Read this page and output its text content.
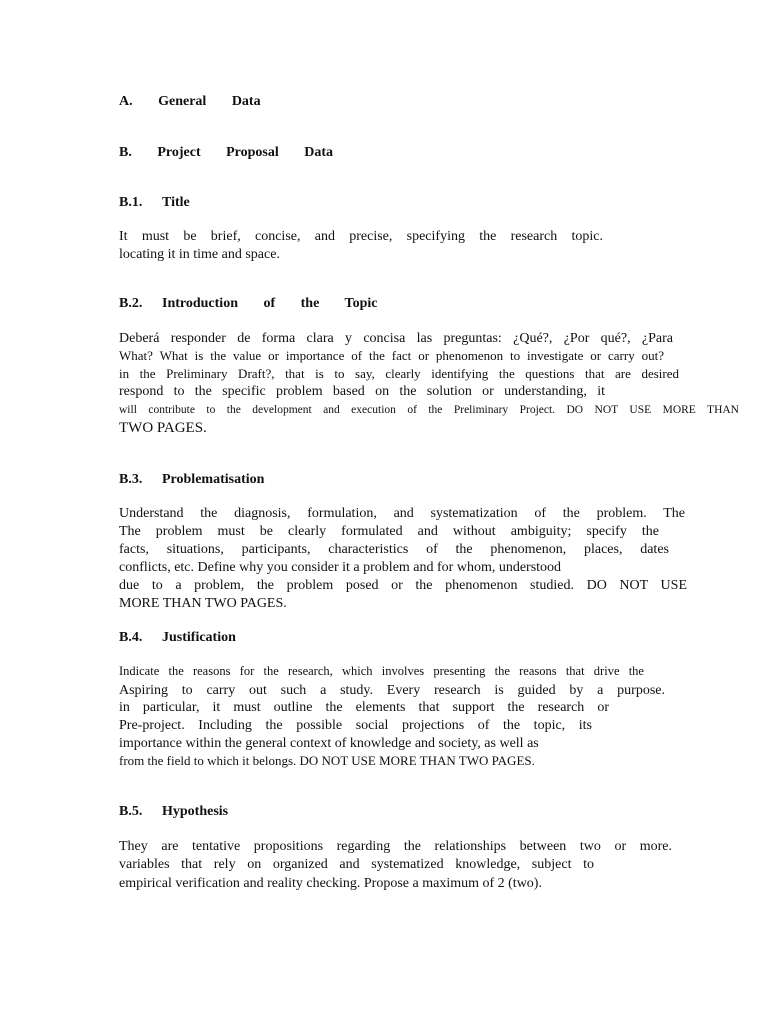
A.   General   Data
B.   Project   Proposal   Data
B.1. Title
It must be brief, concise, and precise, specifying the research topic.
locating it in time and space.
B.2. Introduction   of   the   Topic
Deberá responder de forma clara y concisa las preguntas: ¿Qué?, ¿Por qué?, ¿Para
What? What is the value or importance of the fact or phenomenon to investigate or carry out?
in the Preliminary Draft?, that is to say, clearly identifying the questions that are desired
respond to the specific problem based on the solution or understanding, it
will contribute to the development and execution of the Preliminary Project. DO NOT USE MORE THAN
TWO PAGES.
B.3. Problematisation
Understand the diagnosis, formulation, and systematization of the problem. The
The problem must be clearly formulated and without ambiguity; specify the
facts, situations, participants, characteristics of the phenomenon, places, dates
conflicts, etc. Define why you consider it a problem and for whom, understood
due to a problem, the problem posed or the phenomenon studied. DO NOT USE
MORE THAN TWO PAGES.
B.4. Justification
Indicate the reasons for the research, which involves presenting the reasons that drive the
Aspiring to carry out such a study. Every research is guided by a purpose.
in particular, it must outline the elements that support the research or
Pre-project. Including the possible social projections of the topic, its
importance within the general context of knowledge and society, as well as
from the field to which it belongs. DO NOT USE MORE THAN TWO PAGES.
B.5. Hypothesis
They are tentative propositions regarding the relationships between two or more.
variables that rely on organized and systematized knowledge, subject to
empirical verification and reality checking. Propose a maximum of 2 (two).
